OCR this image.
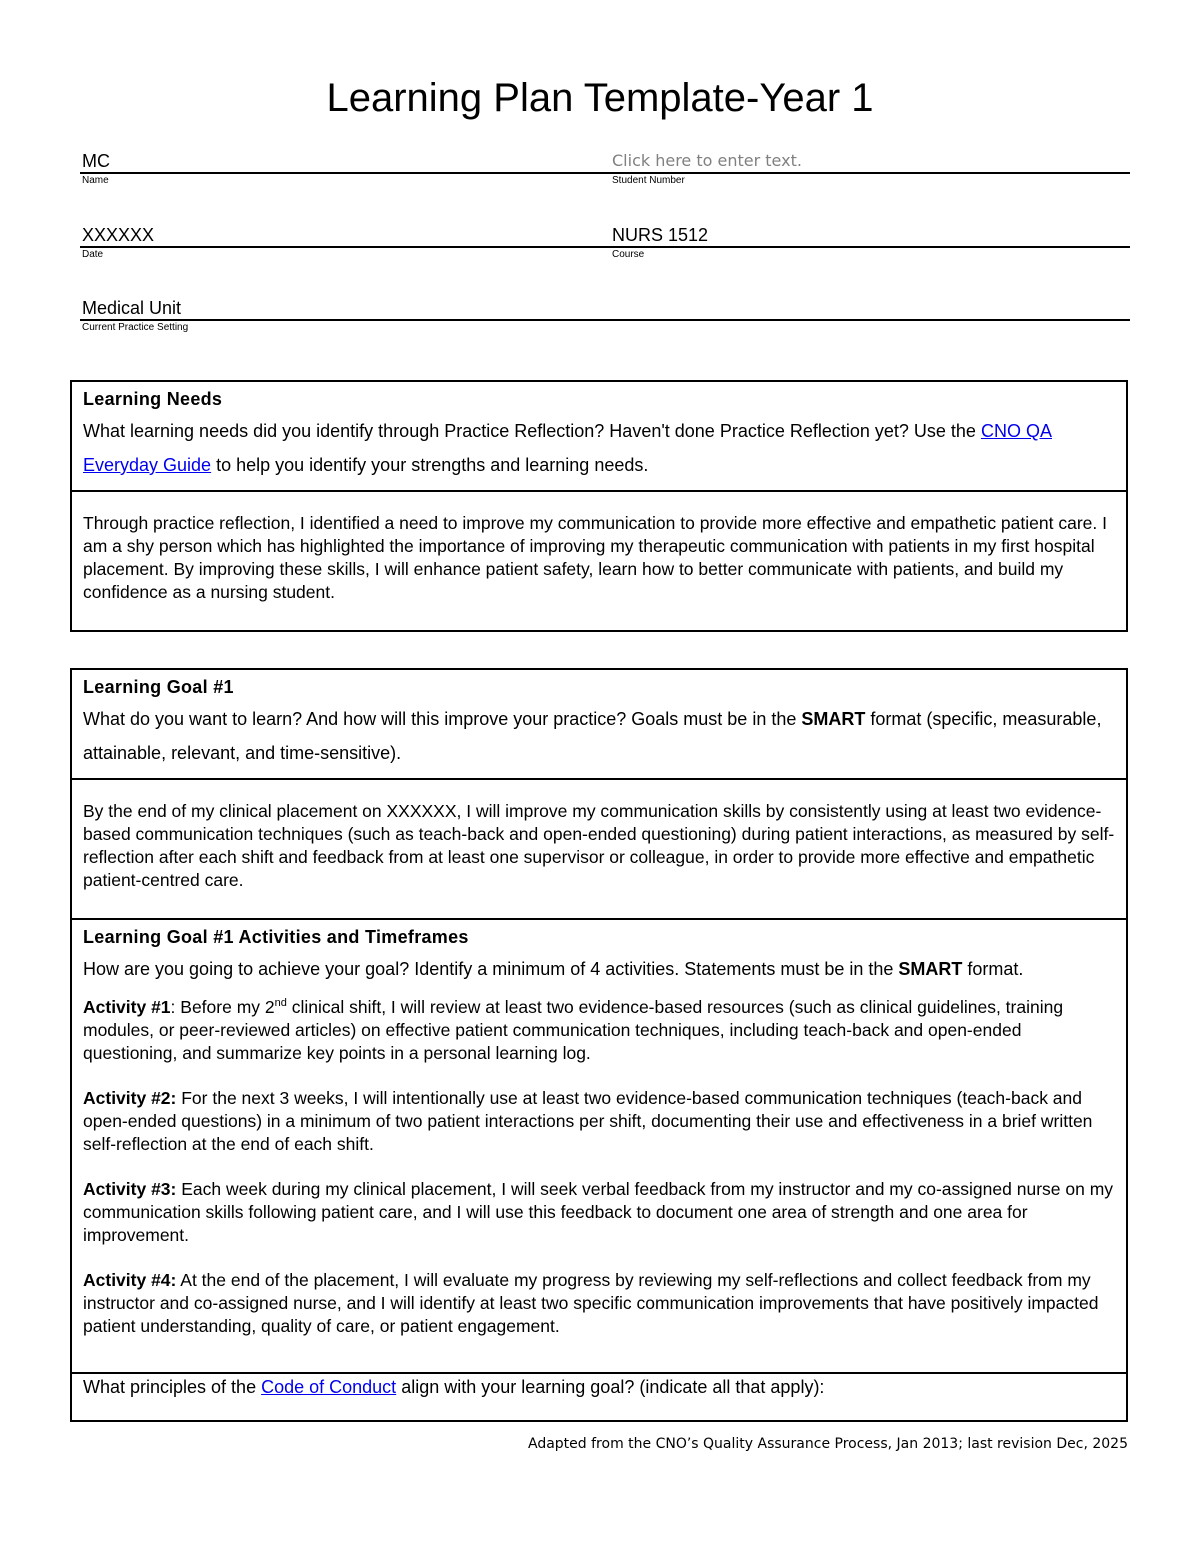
Learning Plan Template-Year 1
MC
Name
Click here to enter text.
Student Number
XXXXXX
Date
NURS 1512
Course
Medical Unit
Current Practice Setting
Learning Needs
What learning needs did you identify through Practice Reflection? Haven't done Practice Reflection yet? Use the CNO QA Everyday Guide to help you identify your strengths and learning needs.
Through practice reflection, I identified a need to improve my communication to provide more effective and empathetic patient care. I am a shy person which has highlighted the importance of improving my therapeutic communication with patients in my first hospital placement. By improving these skills, I will enhance patient safety, learn how to better communicate with patients, and build my confidence as a nursing student.
Learning Goal #1
What do you want to learn? And how will this improve your practice? Goals must be in the SMART format (specific, measurable, attainable, relevant, and time-sensitive).
By the end of my clinical placement on XXXXXX, I will improve my communication skills by consistently using at least two evidence-based communication techniques (such as teach-back and open-ended questioning) during patient interactions, as measured by self-reflection after each shift and feedback from at least one supervisor or colleague, in order to provide more effective and empathetic patient-centred care.
Learning Goal #1 Activities and Timeframes
How are you going to achieve your goal? Identify a minimum of 4 activities. Statements must be in the SMART format.
Activity #1: Before my 2nd clinical shift, I will review at least two evidence-based resources (such as clinical guidelines, training modules, or peer-reviewed articles) on effective patient communication techniques, including teach-back and open-ended questioning, and summarize key points in a personal learning log.
Activity #2: For the next 3 weeks, I will intentionally use at least two evidence-based communication techniques (teach-back and open-ended questions) in a minimum of two patient interactions per shift, documenting their use and effectiveness in a brief written self-reflection at the end of each shift.
Activity #3: Each week during my clinical placement, I will seek verbal feedback from my instructor and my co-assigned nurse on my communication skills following patient care, and I will use this feedback to document one area of strength and one area for improvement.
Activity #4: At the end of the placement, I will evaluate my progress by reviewing my self-reflections and collect feedback from my instructor and co-assigned nurse, and I will identify at least two specific communication improvements that have positively impacted patient understanding, quality of care, or patient engagement.
What principles of the Code of Conduct align with your learning goal? (indicate all that apply):
Adapted from the CNO’s Quality Assurance Process, Jan 2013; last revision Dec, 2025
